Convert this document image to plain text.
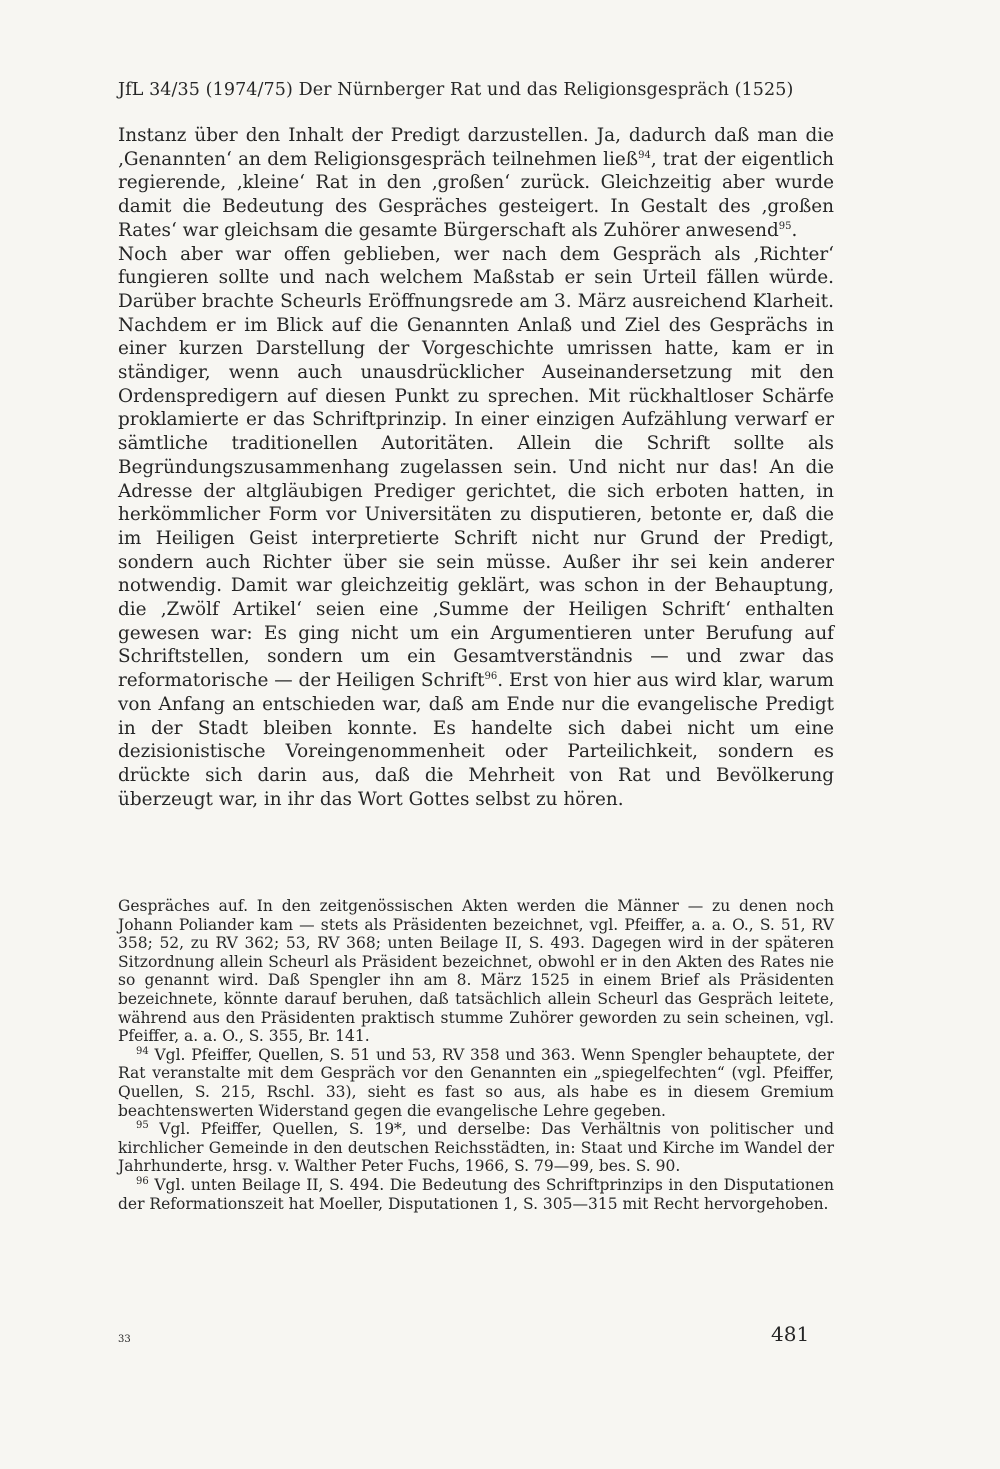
JfL 34/35 (1974/75) Der Nürnberger Rat und das Religionsgespräch (1525)

Instanz über den Inhalt der Predigt darzustellen. Ja, dadurch daß man die ‚Genannten‘ an dem Religionsgespräch teilnehmen ließ$^{94}$, trat der eigentlich regierende, ‚kleine‘ Rat in den ‚großen‘ zurück. Gleichzeitig aber wurde damit die Bedeutung des Gespräches gesteigert. In Gestalt des ‚großen Rates‘ war gleichsam die gesamte Bürgerschaft als Zuhörer anwesend$^{95}$.

Noch aber war offen geblieben, wer nach dem Gespräch als ‚Richter‘ fungieren sollte und nach welchem Maßstab er sein Urteil fällen würde. Darüber brachte Scheurls Eröffnungsrede am 3. März ausreichend Klarheit. Nachdem er im Blick auf die Genannten Anlaß und Ziel des Gesprächs in einer kurzen Darstellung der Vorgeschichte umrissen hatte, kam er in ständiger, wenn auch unausdrücklicher Auseinandersetzung mit den Ordenspredigern auf diesen Punkt zu sprechen. Mit rückhaltloser Schärfe proklamierte er das Schriftprinzip. In einer einzigen Aufzählung verwarf er sämtliche traditionellen Autoritäten. Allein die Schrift sollte als Begründungszusammenhang zugelassen sein. Und nicht nur das! An die Adresse der altgläubigen Prediger gerichtet, die sich erboten hatten, in herkömmlicher Form vor Universitäten zu disputieren, betonte er, daß die im Heiligen Geist interpretierte Schrift nicht nur Grund der Predigt, sondern auch Richter über sie sein müsse. Außer ihr sei kein anderer notwendig. Damit war gleichzeitig geklärt, was schon in der Behauptung, die ‚Zwölf Artikel‘ seien eine ‚Summe der Heiligen Schrift‘ enthalten gewesen war: Es ging nicht um ein Argumentieren unter Berufung auf Schriftstellen, sondern um ein Gesamtverständnis — und zwar das reformatorische — der Heiligen Schrift$^{96}$. Erst von hier aus wird klar, warum von Anfang an entschieden war, daß am Ende nur die evangelische Predigt in der Stadt bleiben konnte. Es handelte sich dabei nicht um eine dezisionistische Voreingenommenheit oder Parteilichkeit, sondern es drückte sich darin aus, daß die Mehrheit von Rat und Bevölkerung überzeugt war, in ihr das Wort Gottes selbst zu hören.

Gespräches auf. In den zeitgenössischen Akten werden die Männer — zu denen noch Johann Poliander kam — stets als Präsidenten bezeichnet, vgl. Pfeiffer, a. a. O., S. 51, RV 358; 52, zu RV 362; 53, RV 368; unten Beilage II, S. 493. Dagegen wird in der späteren Sitzordnung allein Scheurl als Präsident bezeichnet, obwohl er in den Akten des Rates nie so genannt wird. Daß Spengler ihn am 8. März 1525 in einem Brief als Präsidenten bezeichnete, könnte darauf beruhen, daß tatsächlich allein Scheurl das Gespräch leitete, während aus den Präsidenten praktisch stumme Zuhörer geworden zu sein scheinen, vgl. Pfeiffer, a. a. O., S. 355, Br. 141.

$^{94}$ Vgl. Pfeiffer, Quellen, S. 51 und 53, RV 358 und 363. Wenn Spengler behauptete, der Rat veranstalte mit dem Gespräch vor den Genannten ein „spiegelfechten“ (vgl. Pfeiffer, Quellen, S. 215, Rschl. 33), sieht es fast so aus, als habe es in diesem Gremium beachtenswerten Widerstand gegen die evangelische Lehre gegeben.

$^{95}$ Vgl. Pfeiffer, Quellen, S. 19*, und derselbe: Das Verhältnis von politischer und kirchlicher Gemeinde in den deutschen Reichsstädten, in: Staat und Kirche im Wandel der Jahrhunderte, hrsg. v. Walther Peter Fuchs, 1966, S. 79—99, bes. S. 90.

$^{96}$ Vgl. unten Beilage II, S. 494. Die Bedeutung des Schriftprinzips in den Disputationen der Reformationszeit hat Moeller, Disputationen 1, S. 305—315 mit Recht hervorgehoben.

33	481
